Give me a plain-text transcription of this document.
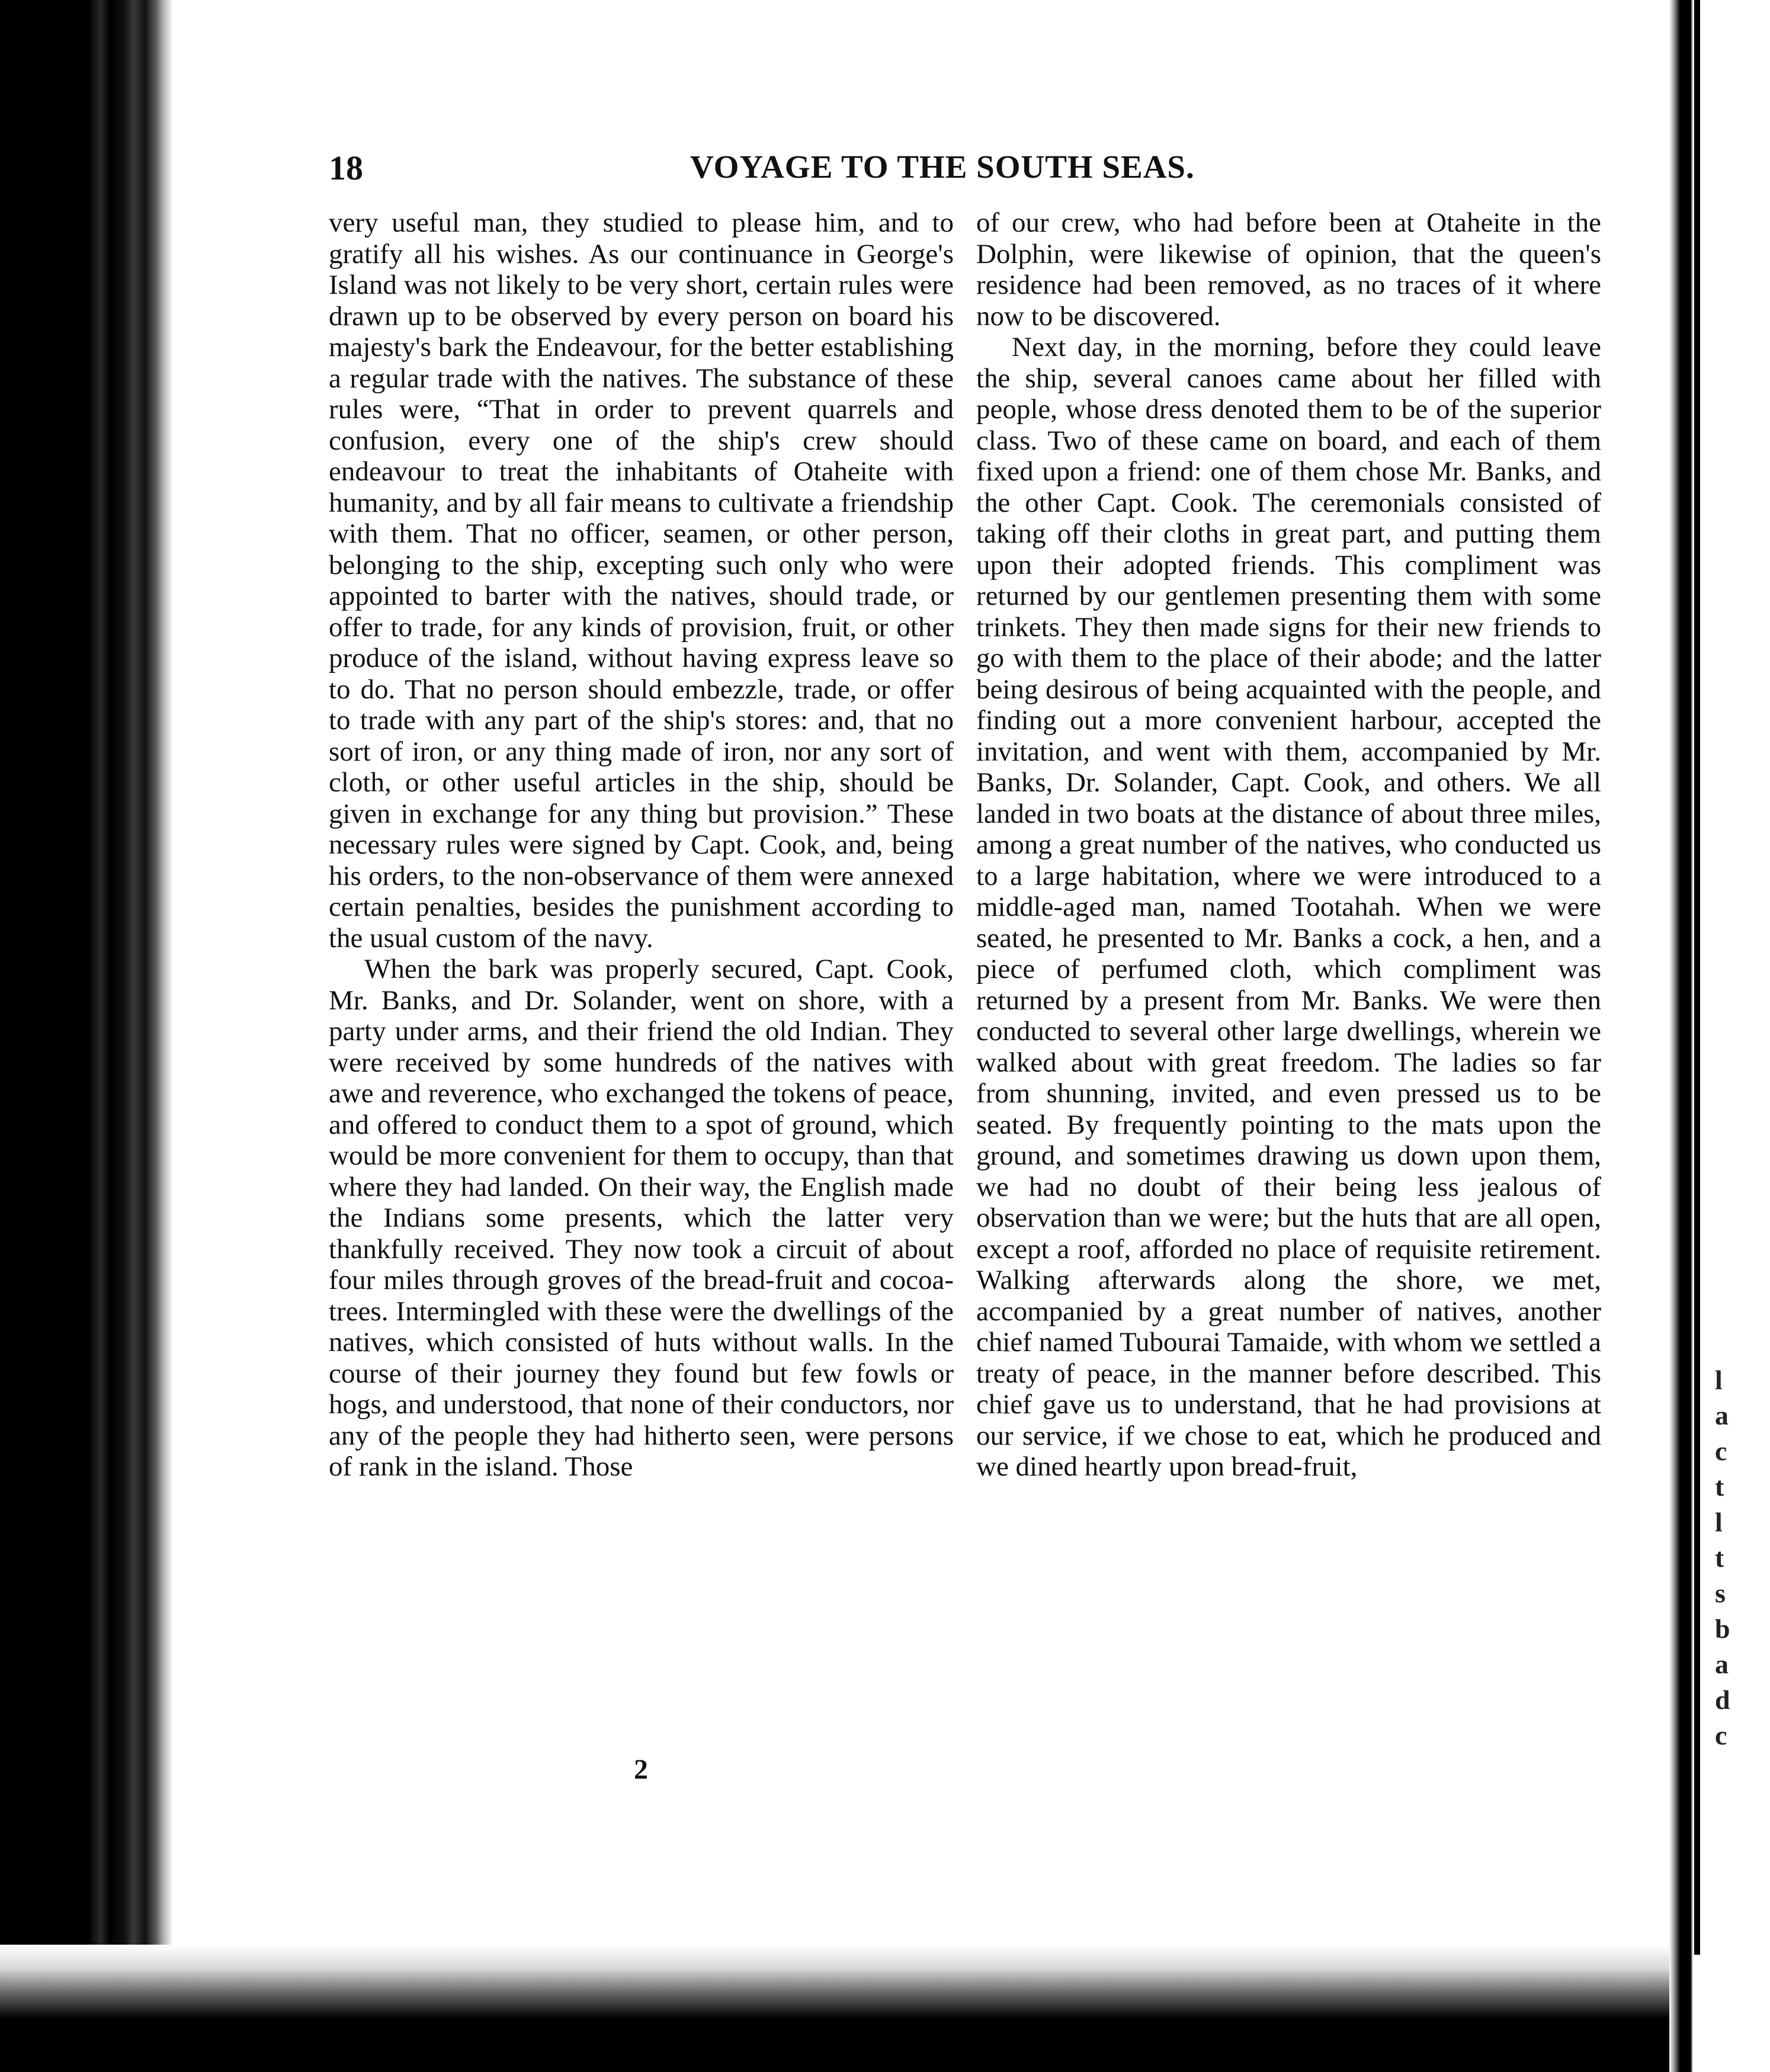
l
a
c
t
l
t
s
b
a
d
c
18	VOYAGE TO THE SOUTH SEAS.

very useful man, they studied to please him, and to gratify all his wishes. As our continuance in George's Island was not likely to be very short, certain rules were drawn up to be observed by every person on board his majesty's bark the Endeavour, for the better establishing a regular trade with the natives. The substance of these rules were, “That in order to prevent quarrels and confusion, every one of the ship's crew should endeavour to treat the inhabitants of Otaheite with humanity, and by all fair means to cultivate a friendship with them. That no officer, seamen, or other person, belonging to the ship, excepting such only who were appointed to barter with the natives, should trade, or offer to trade, for any kinds of provision, fruit, or other produce of the island, without having express leave so to do. That no person should embezzle, trade, or offer to trade with any part of the ship's stores: and, that no sort of iron, or any thing made of iron, nor any sort of cloth, or other useful articles in the ship, should be given in exchange for any thing but provision.” These necessary rules were signed by Capt. Cook, and, being his orders, to the non-observance of them were annexed certain penalties, besides the punishment according to the usual custom of the navy.

When the bark was properly secured, Capt. Cook, Mr. Banks, and Dr. Solander, went on shore, with a party under arms, and their friend the old Indian. They were received by some hundreds of the natives with awe and reverence, who exchanged the tokens of peace, and offered to conduct them to a spot of ground, which would be more convenient for them to occupy, than that where they had landed. On their way, the English made the Indians some presents, which the latter very thankfully received. They now took a circuit of about four miles through groves of the bread-fruit and cocoa-trees. Intermingled with these were the dwellings of the natives, which consisted of huts without walls. In the course of their journey they found but few fowls or hogs, and understood, that none of their conductors, nor any of the people they had hitherto seen, were persons of rank in the island. Those

of our crew, who had before been at Otaheite in the Dolphin, were likewise of opinion, that the queen's residence had been removed, as no traces of it where now to be discovered.

Next day, in the morning, before they could leave the ship, several canoes came about her filled with people, whose dress denoted them to be of the superior class. Two of these came on board, and each of them fixed upon a friend: one of them chose Mr. Banks, and the other Capt. Cook. The ceremonials consisted of taking off their cloths in great part, and putting them upon their adopted friends. This compliment was returned by our gentlemen presenting them with some trinkets. They then made signs for their new friends to go with them to the place of their abode; and the latter being desirous of being acquainted with the people, and finding out a more convenient harbour, accepted the invitation, and went with them, accompanied by Mr. Banks, Dr. Solander, Capt. Cook, and others. We all landed in two boats at the distance of about three miles, among a great number of the natives, who conducted us to a large habitation, where we were introduced to a middle-aged man, named Tootahah. When we were seated, he presented to Mr. Banks a cock, a hen, and a piece of perfumed cloth, which compliment was returned by a present from Mr. Banks. We were then conducted to several other large dwellings, wherein we walked about with great freedom. The ladies so far from shunning, invited, and even pressed us to be seated. By frequently pointing to the mats upon the ground, and sometimes drawing us down upon them, we had no doubt of their being less jealous of observation than we were; but the huts that are all open, except a roof, afforded no place of requisite retirement. Walking afterwards along the shore, we met, accompanied by a great number of natives, another chief named Tubourai Tamaide, with whom we settled a treaty of peace, in the manner before described. This chief gave us to understand, that he had provisions at our service, if we chose to eat, which he produced and we dined heartly upon bread-fruit,

2
